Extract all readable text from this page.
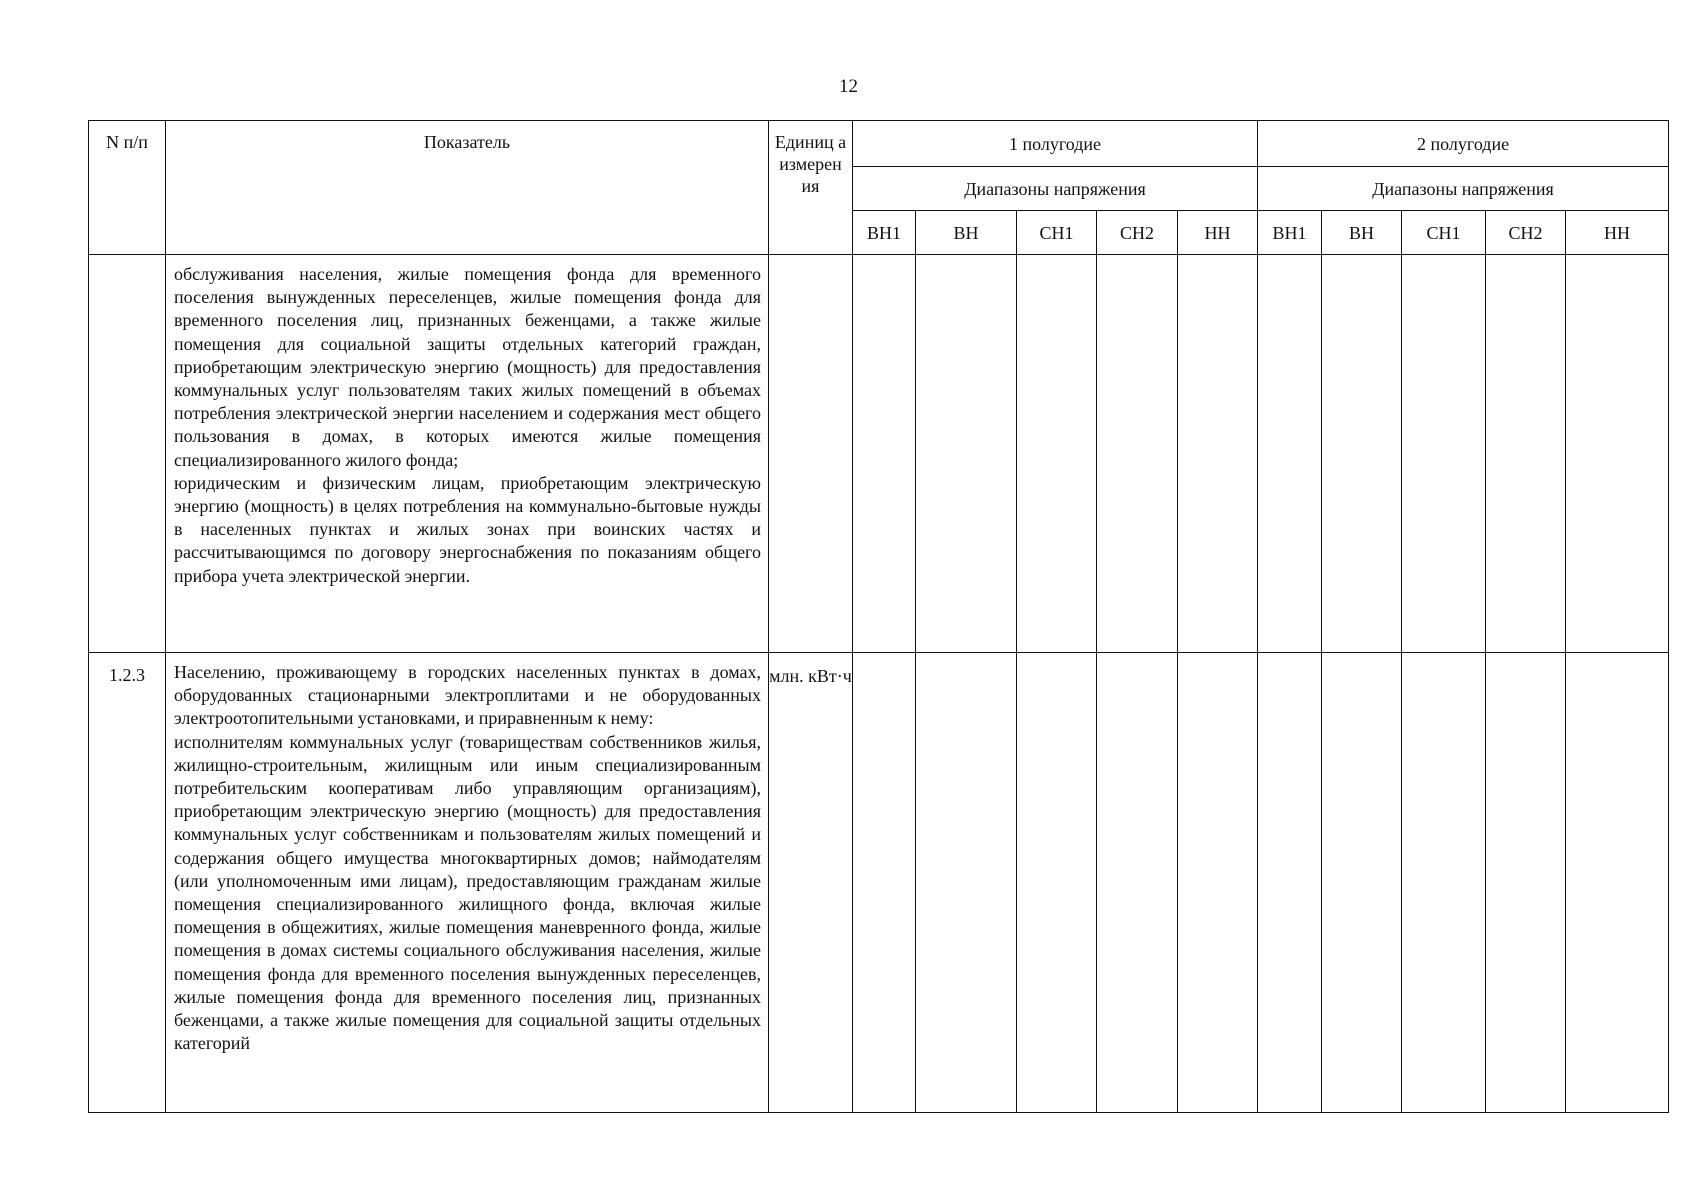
12
N п/п	Показатель	Единиц а измерен ия	1 полугодие					2 полугодие				
			Диапазоны напряжения					Диапазоны напряжения				
			ВН1	ВН	СН1	СН2	НН	ВН1	ВН	СН1	СН2	НН

	обслуживания населения, жилые помещения фонда для временного поселения вынужденных переселенцев, жилые помещения фонда для временного поселения лиц, признанных беженцами, а также жилые помещения для социальной защиты отдельных категорий граждан, приобретающим электрическую энергию (мощность) для предоставления коммунальных услуг пользователям таких жилых помещений в объемах потребления электрической энергии населением и содержания мест общего пользования в домах, в которых имеются жилые помещения специализированного жилого фонда;

юридическим и физическим лицам, приобретающим электрическую энергию (мощность) в целях потребления на коммунально-бытовые нужды в населенных пунктах и жилых зонах при воинских частях и рассчитывающимся по договору энергоснабжения по показаниям общего прибора учета электрической энергии.											

1.2.3	Населению, проживающему в городских населенных пунктах в домах, оборудованных стационарными электроплитами и не оборудованных электроотопительными установками, и приравненным к нему:

исполнителям коммунальных услуг (товариществам собственников жилья, жилищно-строительным, жилищным или иным специализированным потребительским кооперативам либо управляющим организациям), приобретающим электрическую энергию (мощность) для предоставления коммунальных услуг собственникам и пользователям жилых помещений и содержания общего имущества многоквартирных домов; наймодателям (или уполномоченным ими лицам), предоставляющим гражданам жилые помещения специализированного жилищного фонда, включая жилые помещения в общежитиях, жилые помещения маневренного фонда, жилые помещения в домах системы социального обслуживания населения, жилые помещения фонда для временного поселения вынужденных переселенцев, жилые помещения фонда для временного поселения лиц, признанных беженцами, а также жилые помещения для социальной защиты отдельных категорий	млн. кВт·ч										
